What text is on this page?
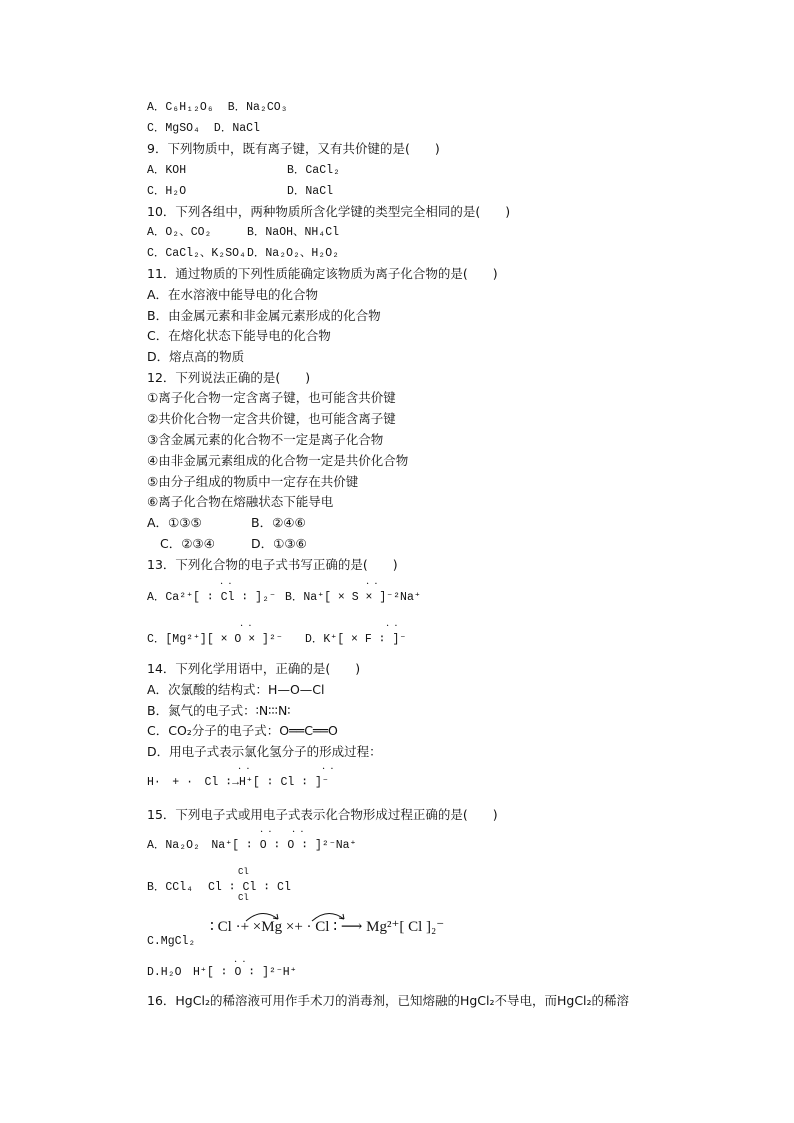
A．C₆H₁₂O₆ B．Na₂CO₃
C．MgSO₄ D．NaCl
9．下列物质中，既有离子键，又有共价键的是(　　)
A．KOH	B．CaCl₂
C．H₂O	D．NaCl
10．下列各组中，两种物质所含化学键的类型完全相同的是(　　)
A．O₂、CO₂	B．NaOH、NH₄Cl
C．CaCl₂、K₂SO₄D．Na₂O₂、H₂O₂
11．通过物质的下列性质能确定该物质为离子化合物的是(　　)
A．在水溶液中能导电的化合物
B．由金属元素和非金属元素形成的化合物
C．在熔化状态下能导电的化合物
D．熔点高的物质
12．下列说法正确的是(　　)
①离子化合物一定含离子键，也可能含共价键
②共价化合物一定含共价键，也可能含离子键
③含金属元素的化合物不一定是离子化合物
④由非金属元素组成的化合物一定是共价化合物
⑤由分子组成的物质中一定存在共价键
⑥离子化合物在熔融状态下能导电
A．①③⑤	B．②④⑥
C．②③④	D．①③⑥
13．下列化合物的电子式书写正确的是(　　)
· ·	· ·
A．Ca²⁺[ ∶ Cl ∶ ]₂⁻ B．Na⁺[ × S × ]⁻²Na⁺
· ·	· ·
C．[Mg²⁺][ × O × ]²⁻ D．K⁺[ × F ∶ ]⁻
14．下列化学用语中，正确的是(　　)
A．次氯酸的结构式：H—O—Cl
B．氮气的电子式：∶N∶∶∶N∶
C．CO₂分子的电子式：O══C══O
D．用电子式表示氯化氢分子的形成过程：
· ·	· ·
H·　+ ·　Cl ∶→H⁺[ ∶ Cl ∶ ]⁻
15．下列电子式或用电子式表示化合物形成过程正确的是(　　)
· · · ·
A．Na₂O₂　Na⁺[ ∶ O ∶ O ∶ ]²⁻Na⁺
B．CCl₄
Cl
Cl ∶ Cl ∶ Cl
Cl
C.MgCl₂
∶ Cl ·+ ×Mg ×+ · Cl ∶ ⟶ Mg²⁺[ Cl ]₂⁻
· ·
D.H₂O　H⁺[ ∶ O ∶ ]²⁻H⁺
16．HgCl₂的稀溶液可用作手术刀的消毒剂，已知熔融的HgCl₂不导电，而HgCl₂的稀溶
